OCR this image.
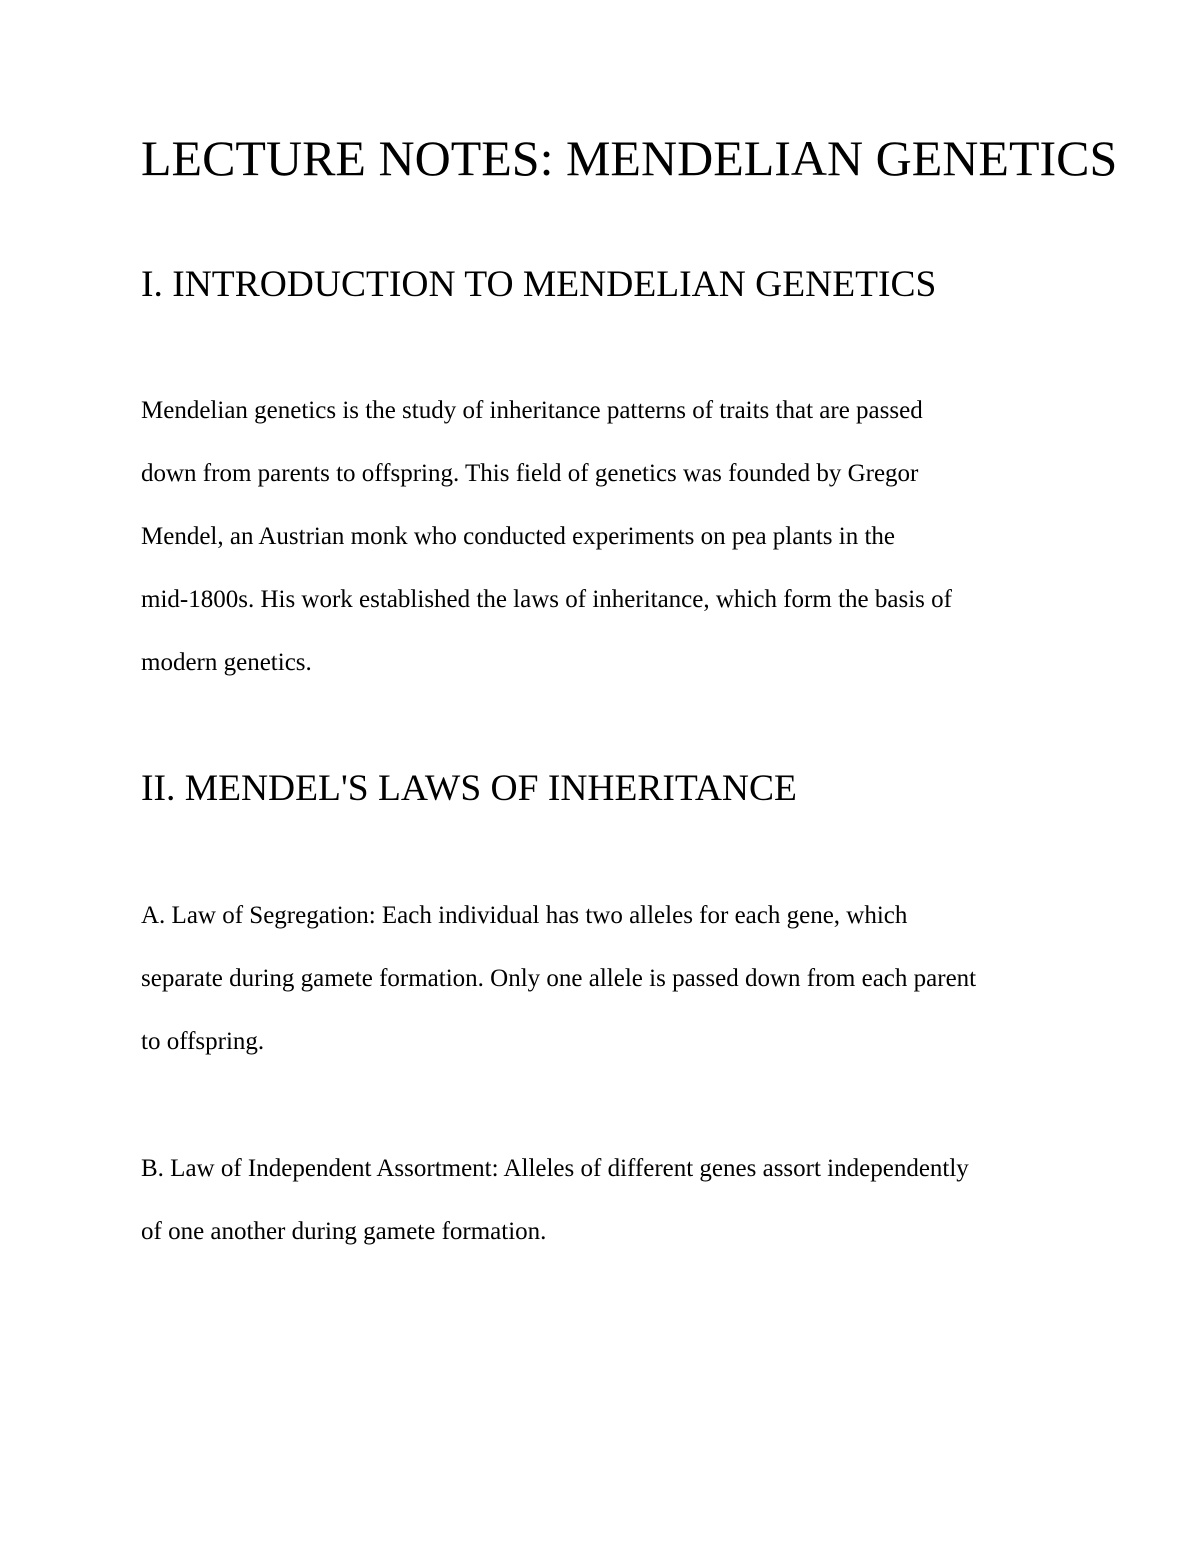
LECTURE NOTES: MENDELIAN GENETICS
I. INTRODUCTION TO MENDELIAN GENETICS
Mendelian genetics is the study of inheritance patterns of traits that are passed
down from parents to offspring. This field of genetics was founded by Gregor
Mendel, an Austrian monk who conducted experiments on pea plants in the
mid-1800s. His work established the laws of inheritance, which form the basis of
modern genetics.
II. MENDEL'S LAWS OF INHERITANCE
A. Law of Segregation: Each individual has two alleles for each gene, which
separate during gamete formation. Only one allele is passed down from each parent
to offspring.
B. Law of Independent Assortment: Alleles of different genes assort independently
of one another during gamete formation.
